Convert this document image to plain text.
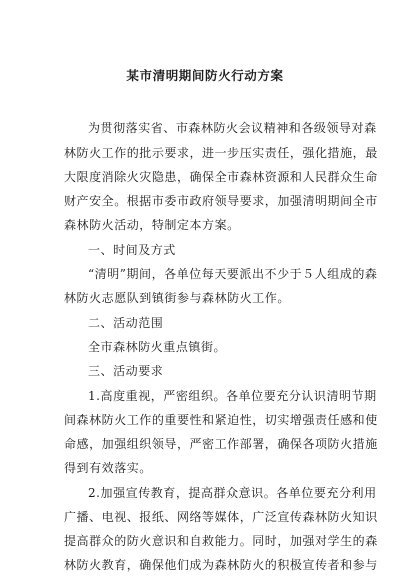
某市清明期间防火行动方案
为贯彻落实省、市森林防火会议精神和各级领导对森
林防火工作的批示要求，进一步压实责任，强化措施，最
大限度消除火灾隐患，确保全市森林资源和人民群众生命
财产安全。根据市委市政府领导要求，加强清明期间全市
森林防火活动，特制定本方案。
一、时间及方式
“清明”期间，各单位每天要派出不少于５人组成的森
林防火志愿队到镇街参与森林防火工作。
二、活动范围
全市森林防火重点镇街。
三、活动要求
1.高度重视，严密组织。各单位要充分认识清明节期
间森林防火工作的重要性和紧迫性，切实增强责任感和使
命感，加强组织领导，严密工作部署，确保各项防火措施
得到有效落实。
2.加强宣传教育，提高群众意识。各单位要充分利用
广播、电视、报纸、网络等媒体，广泛宣传森林防火知识
提高群众的防火意识和自救能力。同时，加强对学生的森
林防火教育，确保他们成为森林防火的积极宣传者和参与
